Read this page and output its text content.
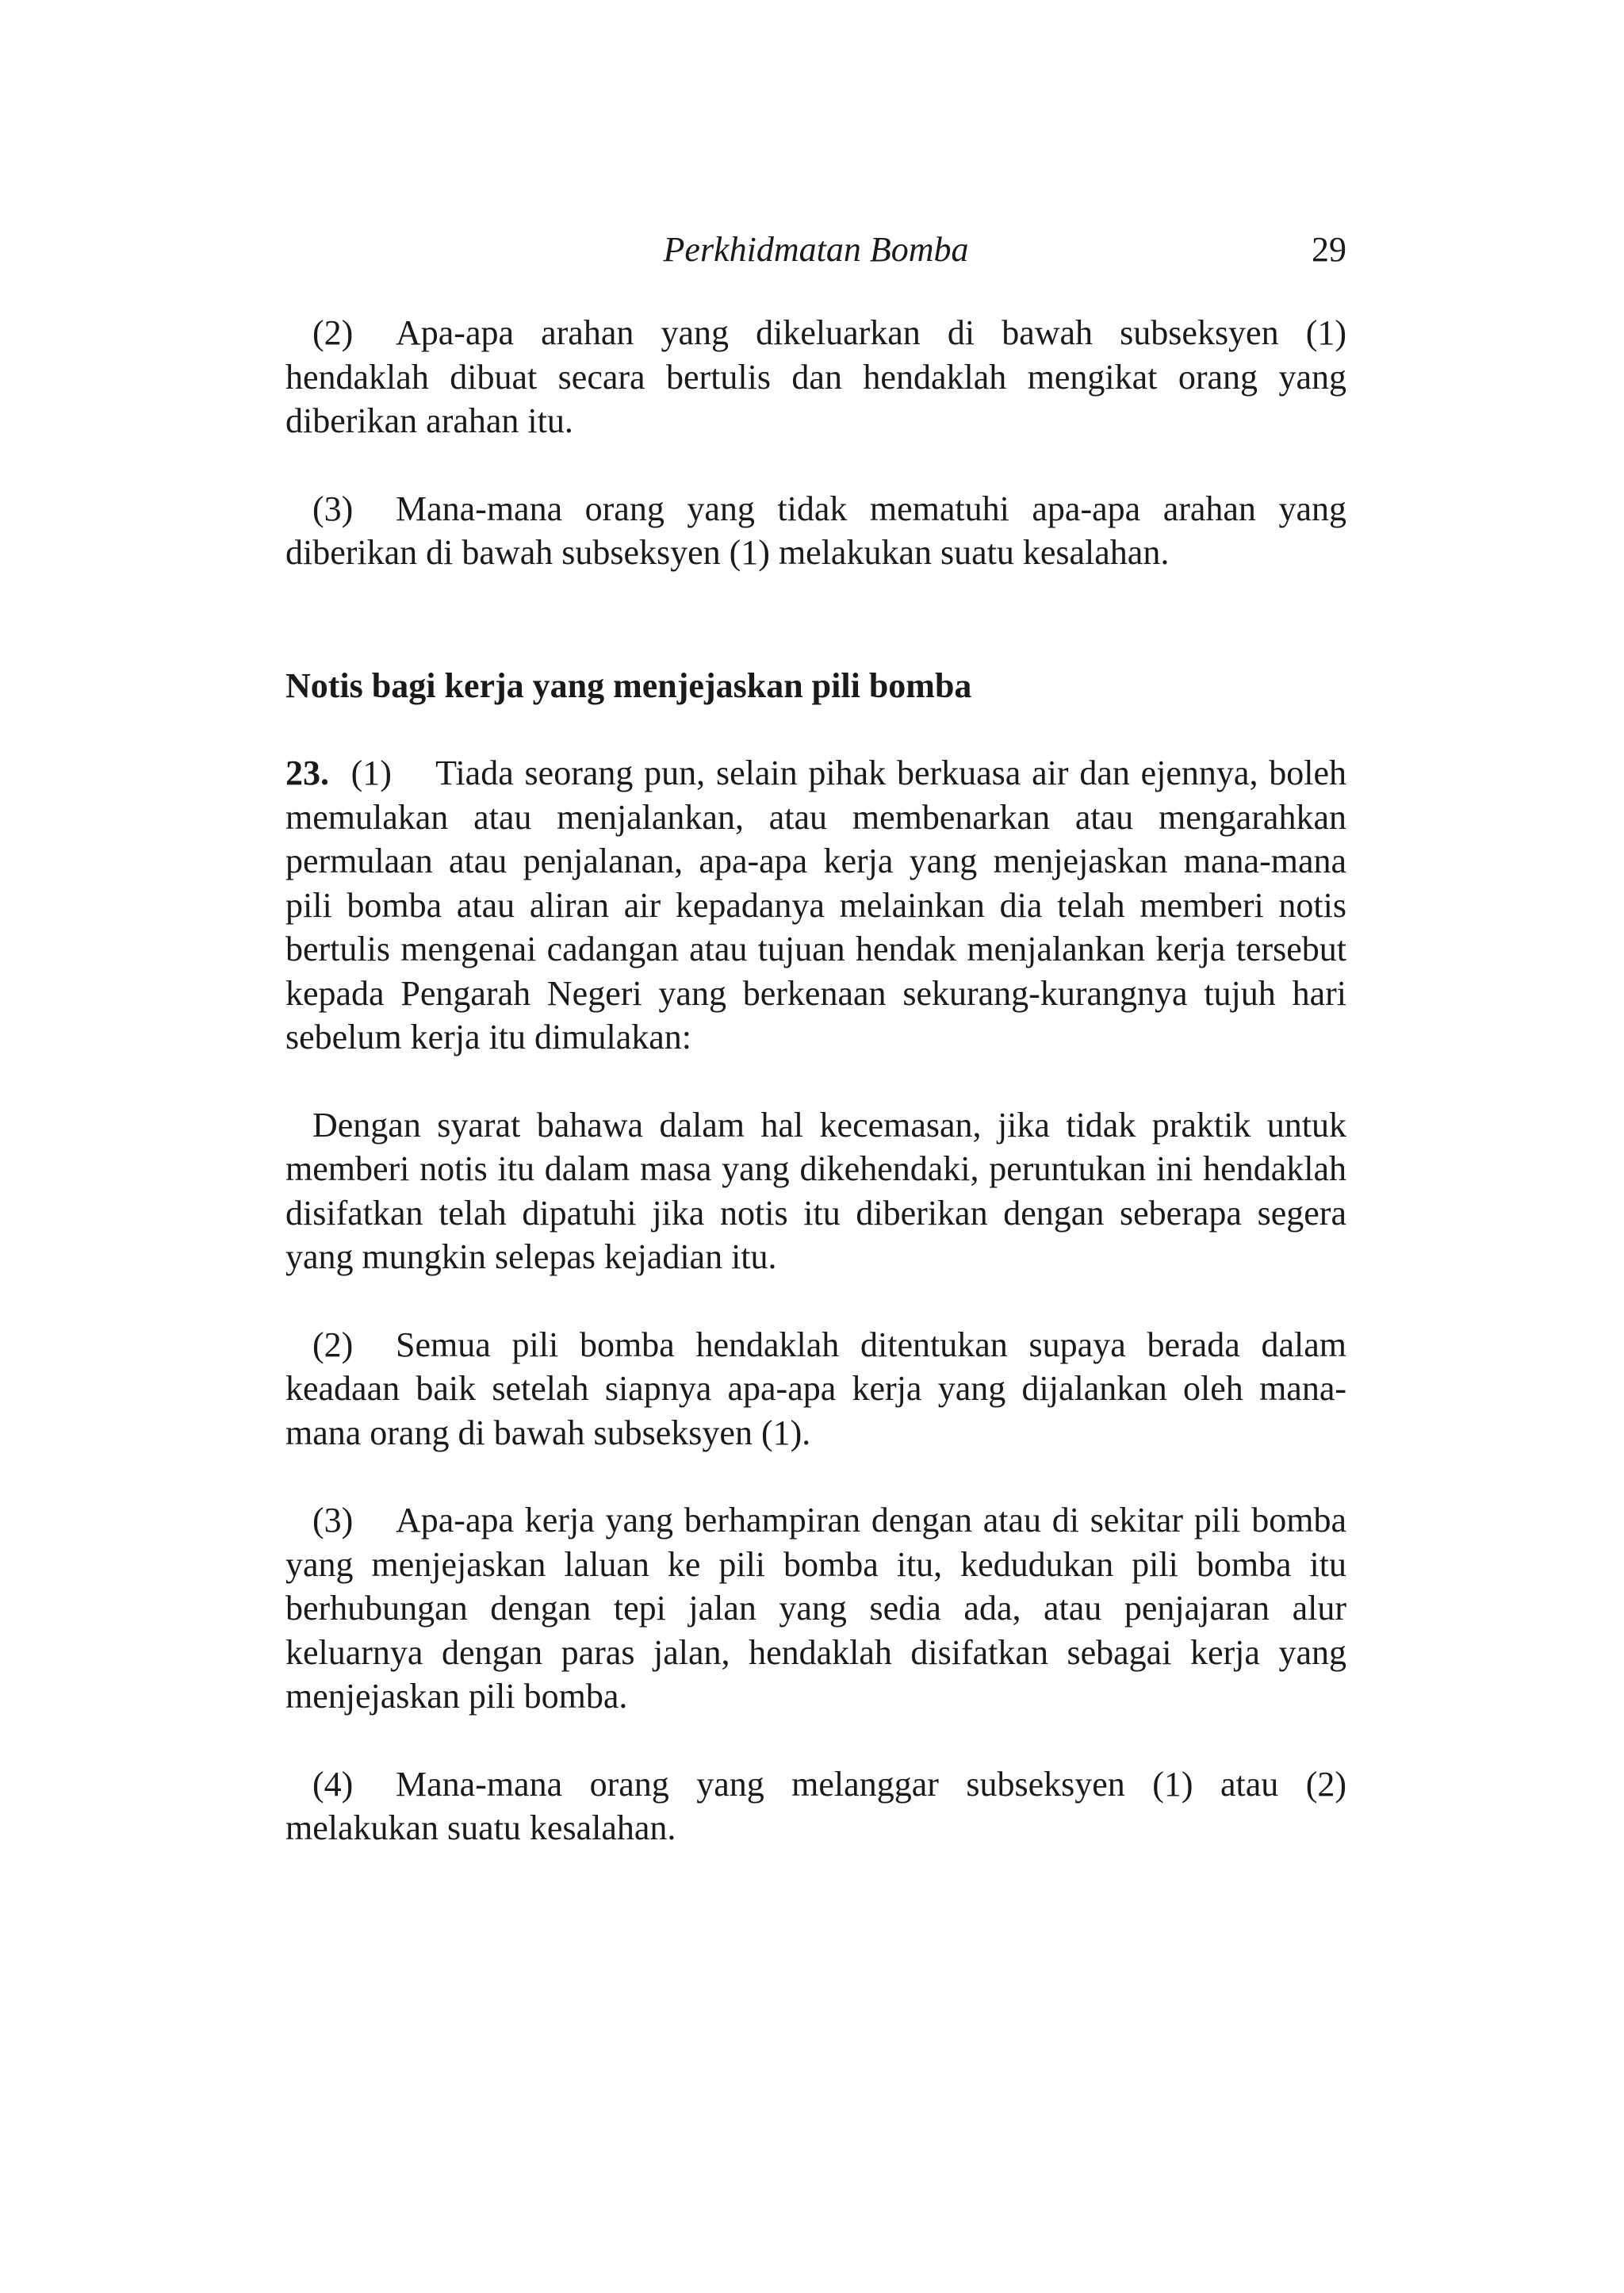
Perkhidmatan Bomba	29

(2) Apa-apa arahan yang dikeluarkan di bawah subseksyen (1) hendaklah dibuat secara bertulis dan hendaklah mengikat orang yang diberikan arahan itu.

(3) Mana-mana orang yang tidak mematuhi apa-apa arahan yang diberikan di bawah subseksyen (1) melakukan suatu kesalahan.

Notis bagi kerja yang menjejaskan pili bomba

23. (1) Tiada seorang pun, selain pihak berkuasa air dan ejennya, boleh memulakan atau menjalankan, atau membenarkan atau mengarahkan permulaan atau penjalanan, apa-apa kerja yang menjejaskan mana-mana pili bomba atau aliran air kepadanya melainkan dia telah memberi notis bertulis mengenai cadangan atau tujuan hendak menjalankan kerja tersebut kepada Pengarah Negeri yang berkenaan sekurang-kurangnya tujuh hari sebelum kerja itu dimulakan:

Dengan syarat bahawa dalam hal kecemasan, jika tidak praktik untuk memberi notis itu dalam masa yang dikehendaki, peruntukan ini hendaklah disifatkan telah dipatuhi jika notis itu diberikan dengan seberapa segera yang mungkin selepas kejadian itu.

(2) Semua pili bomba hendaklah ditentukan supaya berada dalam keadaan baik setelah siapnya apa-apa kerja yang dijalankan oleh mana-mana orang di bawah subseksyen (1).

(3) Apa-apa kerja yang berhampiran dengan atau di sekitar pili bomba yang menjejaskan laluan ke pili bomba itu, kedudukan pili bomba itu berhubungan dengan tepi jalan yang sedia ada, atau penjajaran alur keluarnya dengan paras jalan, hendaklah disifatkan sebagai kerja yang menjejaskan pili bomba.

(4) Mana-mana orang yang melanggar subseksyen (1) atau (2) melakukan suatu kesalahan.
